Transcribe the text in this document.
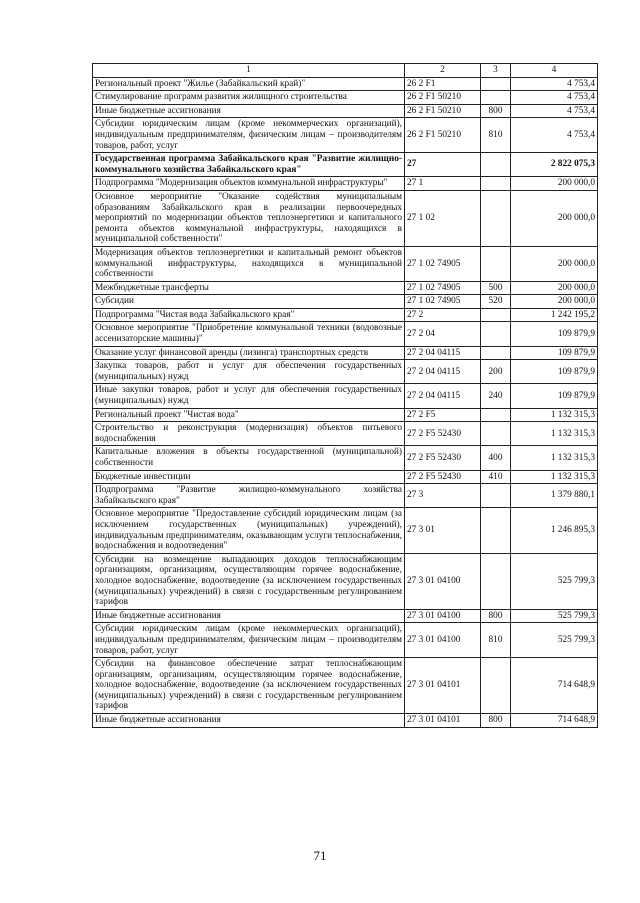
1	2	3	4
Региональный проект "Жилье (Забайкальский край)"	26 2 F1		4 753,4
Стимулирование программ развития жилищного строительства	26 2 F1 50210		4 753,4
Иные бюджетные ассигнования	26 2 F1 50210	800	4 753,4
Субсидии юридическим лицам (кроме некоммерческих организаций), индивидуальным предпринимателям, физическим лицам – производителям товаров, работ, услуг	26 2 F1 50210	810	4 753,4
Государственная программа Забайкальского края "Развитие жилищно-коммунального хозяйства Забайкальского края"	27		2 822 075,3
Подпрограмма "Модернизация объектов коммунальной инфраструктуры"	27 1		200 000,0
Основное мероприятие "Оказание содействия муниципальным образованиям Забайкальского края в реализации первоочередных мероприятий по модернизации объектов теплоэнергетики и капитального ремонта объектов коммунальной инфраструктуры, находящихся в муниципальной собственности"	27 1 02		200 000,0
Модернизация объектов теплоэнергетики и капитальный ремонт объектов коммунальной инфраструктуры, находящихся в муниципальной собственности	27 1 02 74905		200 000,0
Межбюджетные трансферты	27 1 02 74905	500	200 000,0
Субсидии	27 1 02 74905	520	200 000,0
Подпрограмма "Чистая вода Забайкальского края"	27 2		1 242 195,2
Основное мероприятие "Приобретение коммунальной техники (водовозные ассенизаторские машины)"	27 2 04		109 879,9
Оказание услуг финансовой аренды (лизинга) транспортных средств	27 2 04 04115		109 879,9
Закупка товаров, работ и услуг для обеспечения государственных (муниципальных) нужд	27 2 04 04115	200	109 879,9
Иные закупки товаров, работ и услуг для обеспечения государственных (муниципальных) нужд	27 2 04 04115	240	109 879,9
Региональный проект "Чистая вода"	27 2 F5		1 132 315,3
Строительство и реконструкция (модернизация) объектов питьевого водоснабжения	27 2 F5 52430		1 132 315,3
Капитальные вложения в объекты государственной (муниципальной) собственности	27 2 F5 52430	400	1 132 315,3
Бюджетные инвестиции	27 2 F5 52430	410	1 132 315,3
Подпрограмма "Развитие жилищно-коммунального хозяйства Забайкальского края"	27 3		1 379 880,1
Основное мероприятие "Предоставление субсидий юридическим лицам (за исключением государственных (муниципальных) учреждений), индивидуальным предпринимателям, оказывающим услуги теплоснабжения, водоснабжения и водоотведения"	27 3 01		1 246 895,3
Субсидии на возмещение выпадающих доходов теплоснабжающим организациям, организациям, осуществляющим горячее водоснабжение, холодное водоснабжение, водоотведение (за исключением государственных (муниципальных) учреждений) в связи с государственным регулированием тарифов	27 3 01 04100		525 799,3
Иные бюджетные ассигнования	27 3 01 04100	800	525 799,3
Субсидии юридическим лицам (кроме некоммерческих организаций), индивидуальным предпринимателям, физическим лицам – производителям товаров, работ, услуг	27 3 01 04100	810	525 799,3
Субсидии на финансовое обеспечение затрат теплоснабжающим организациям, организациям, осуществляющим горячее водоснабжение, холодное водоснабжение, водоотведение (за исключением государственных (муниципальных) учреждений) в связи с государственным регулированием тарифов	27 3 01 04101		714 648,9
Иные бюджетные ассигнования	27 3 01 04101	800	714 648,9
71
